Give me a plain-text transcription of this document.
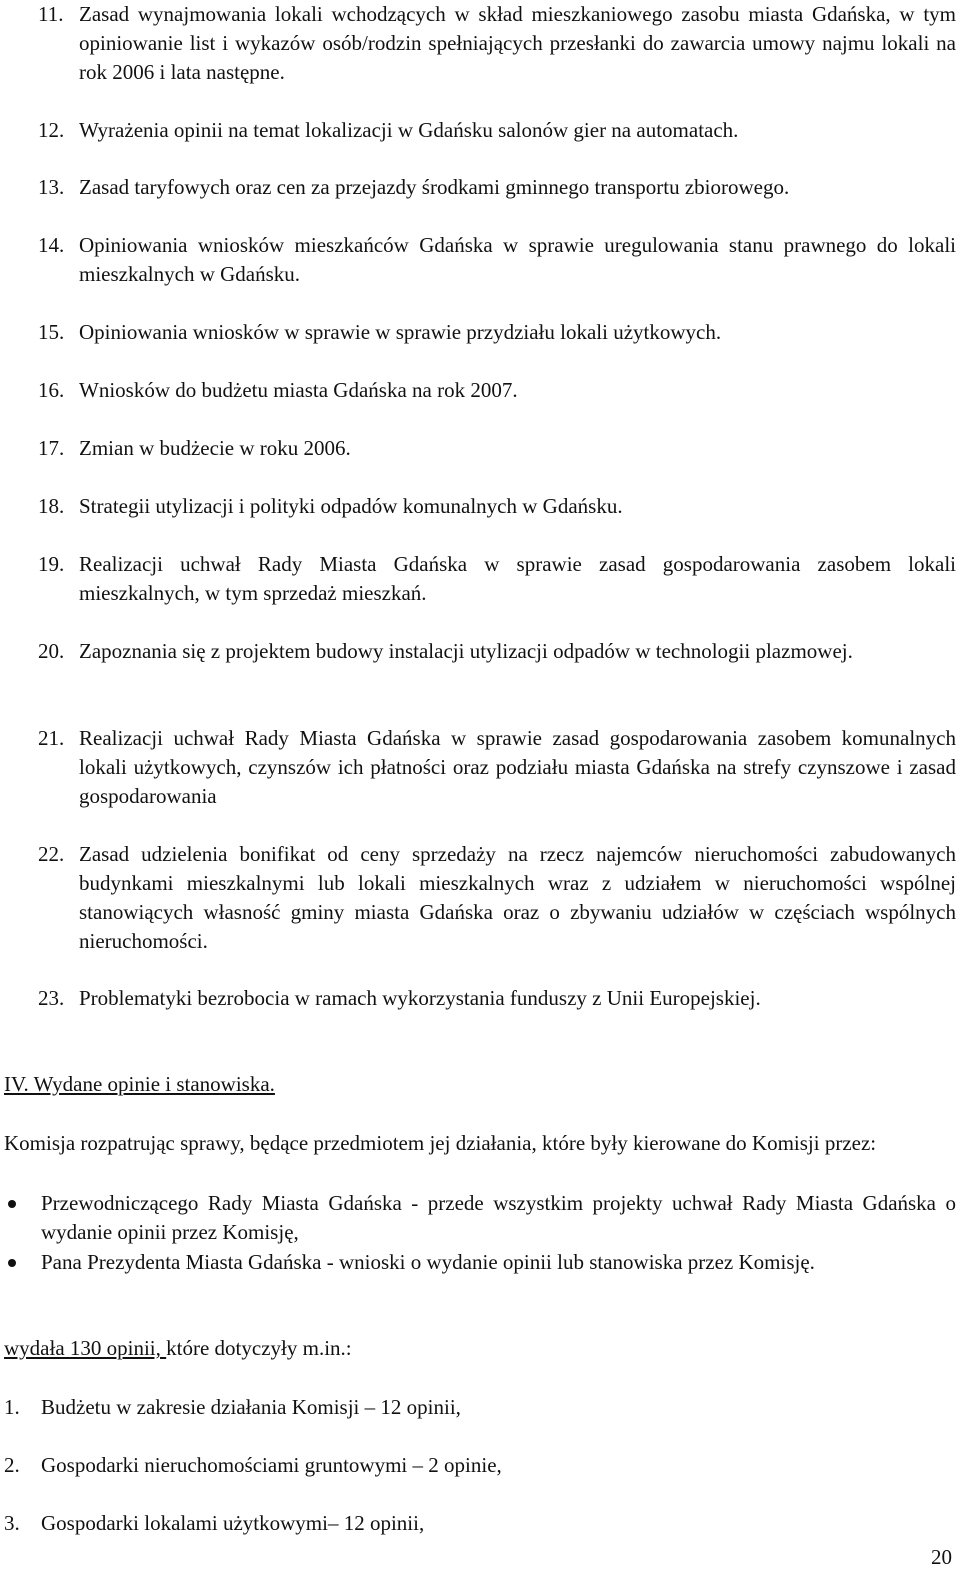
11. Zasad wynajmowania lokali wchodzących w skład mieszkaniowego zasobu miasta Gdańska, w tym opiniowanie list i wykazów osób/rodzin spełniających przesłanki do zawarcia umowy najmu lokali na rok 2006 i lata następne.
12. Wyrażenia opinii na temat lokalizacji w Gdańsku salonów gier na automatach.
13. Zasad taryfowych oraz cen za przejazdy środkami gminnego transportu zbiorowego.
14. Opiniowania wniosków mieszkańców Gdańska w sprawie uregulowania stanu prawnego do lokali mieszkalnych w Gdańsku.
15. Opiniowania wniosków w sprawie w sprawie przydziału lokali użytkowych.
16. Wniosków do budżetu miasta Gdańska na rok 2007.
17. Zmian w budżecie w roku 2006.
18. Strategii utylizacji i polityki odpadów komunalnych w Gdańsku.
19. Realizacji uchwał Rady Miasta Gdańska w sprawie zasad gospodarowania zasobem lokali mieszkalnych, w tym sprzedaż mieszkań.
20. Zapoznania się z projektem budowy instalacji utylizacji odpadów w technologii plazmowej.
21. Realizacji uchwał Rady Miasta Gdańska w sprawie zasad gospodarowania zasobem komunalnych lokali użytkowych, czynszów ich płatności oraz podziału miasta Gdańska na strefy czynszowe i zasad gospodarowania
22. Zasad udzielenia bonifikat od ceny sprzedaży na rzecz najemców nieruchomości zabudowanych budynkami mieszkalnymi lub lokali mieszkalnych wraz z udziałem w nieruchomości wspólnej stanowiących własność gminy miasta Gdańska oraz o zbywaniu udziałów w częściach wspólnych nieruchomości.
23. Problematyki bezrobocia w ramach wykorzystania funduszy z Unii Europejskiej.
IV. Wydane opinie i stanowiska.
Komisja rozpatrując sprawy, będące przedmiotem jej działania, które były kierowane do Komisji przez:
Przewodniczącego Rady Miasta Gdańska - przede wszystkim projekty uchwał Rady Miasta Gdańska o wydanie opinii przez Komisję,
Pana Prezydenta Miasta Gdańska - wnioski o wydanie opinii lub stanowiska przez Komisję.
wydała 130 opinii, które dotyczyły m.in.:
1. Budżetu w zakresie działania Komisji – 12 opinii,
2. Gospodarki nieruchomościami gruntowymi – 2 opinie,
3. Gospodarki lokalami użytkowymi– 12 opinii,
20
